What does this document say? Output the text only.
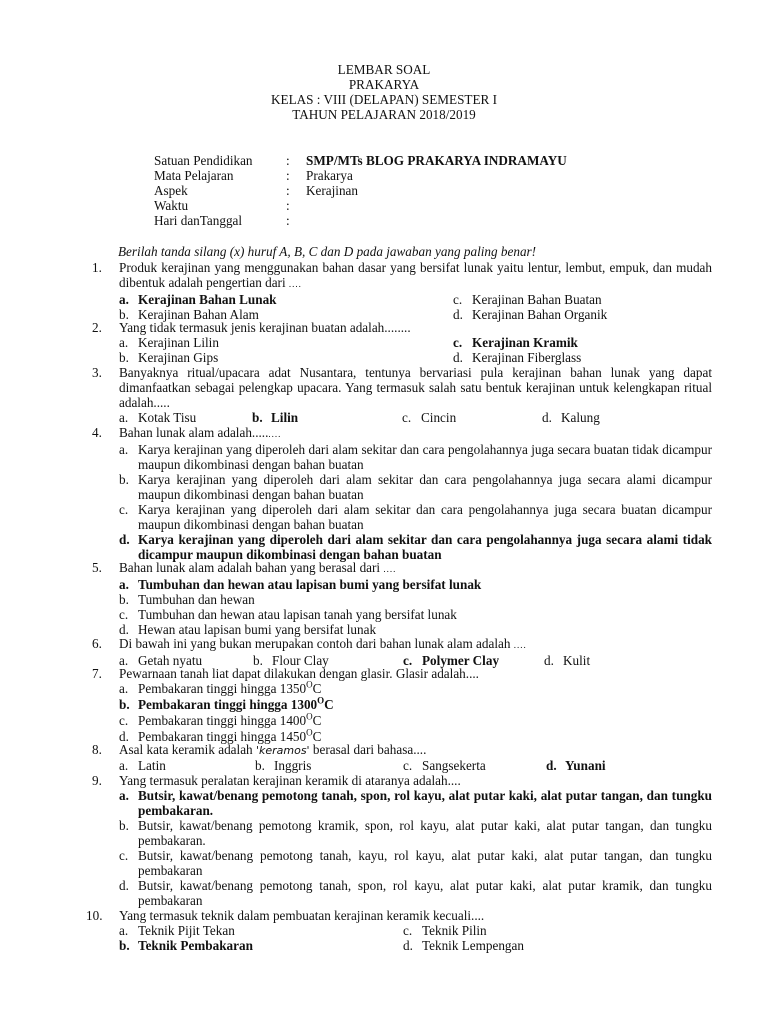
LEMBAR SOAL
PRAKARYA
KELAS : VIII (DELAPAN) SEMESTER I
TAHUN PELAJARAN 2018/2019
Satuan Pendidikan	:	SMP/MTs BLOG PRAKARYA INDRAMAYU
Mata Pelajaran	:	Prakarya
Aspek	:	Kerajinan
Waktu	:
Hari danTanggal	:
Berilah tanda silang (x) huruf A, B, C dan D pada jawaban yang paling benar!
1. Produk kerajinan yang menggunakan bahan dasar yang bersifat lunak yaitu lentur, lembut, empuk, dan mudah dibentuk adalah pengertian dari ....
a. Kerajinan Bahan Lunak	c. Kerajinan Bahan Buatan
b. Kerajinan Bahan Alam	d. Kerajinan Bahan Organik
2. Yang tidak termasuk jenis kerajinan buatan adalah........
a. Kerajinan Lilin	c. Kerajinan Kramik
b. Kerajinan Gips	d. Kerajinan Fiberglass
3. Banyaknya ritual/upacara adat Nusantara, tentunya bervariasi pula kerajinan bahan lunak yang dapat dimanfaatkan sebagai pelengkap upacara. Yang termasuk salah satu bentuk kerajinan untuk kelengkapan ritual adalah.....
a. Kotak Tisu	b. Lilin	c. Cincin	d. Kalung
4. Bahan lunak alam adalah.........
a. Karya kerajinan yang diperoleh dari alam sekitar dan cara pengolahannya juga secara buatan tidak dicampur maupun dikombinasi dengan bahan buatan
b. Karya kerajinan yang diperoleh dari alam sekitar dan cara pengolahannya juga secara alami dicampur maupun dikombinasi dengan bahan buatan
c. Karya kerajinan yang diperoleh dari alam sekitar dan cara pengolahannya juga secara buatan dicampur maupun dikombinasi dengan bahan buatan
d. Karya kerajinan yang diperoleh dari alam sekitar dan cara pengolahannya juga secara alami tidak dicampur maupun dikombinasi dengan bahan buatan
5. Bahan lunak alam adalah bahan yang berasal dari ....
a. Tumbuhan dan hewan atau lapisan bumi yang bersifat lunak
b. Tumbuhan dan hewan
c. Tumbuhan dan hewan atau lapisan tanah yang bersifat lunak
d. Hewan atau lapisan bumi yang bersifat lunak
6. Di bawah ini yang bukan merupakan contoh dari bahan lunak alam adalah ....
a. Getah nyatu	b. Flour Clay	c. Polymer Clay	d. Kulit
7. Pewarnaan tanah liat dapat dilakukan dengan glasir. Glasir adalah....
a. Pembakaran tinggi hingga $1350^OC$
b. Pembakaran tinggi hingga $1300^OC$
c. Pembakaran tinggi hingga $1400^OC$
d. Pembakaran tinggi hingga $1450^OC$
8. Asal kata keramik adalah 'keramos' berasal dari bahasa....
a. Latin	b. Inggris	c. Sangsekerta	d. Yunani
9. Yang termasuk peralatan kerajinan keramik di ataranya adalah....
a. Butsir, kawat/benang pemotong tanah, spon, rol kayu, alat putar kaki, alat putar tangan, dan tungku pembakaran.
b. Butsir, kawat/benang pemotong kramik, spon, rol kayu, alat putar kaki, alat putar tangan, dan tungku pembakaran.
c. Butsir, kawat/benang pemotong tanah, kayu, rol kayu, alat putar kaki, alat putar tangan, dan tungku pembakaran
d. Butsir, kawat/benang pemotong tanah, spon, rol kayu, alat putar kaki, alat putar kramik, dan tungku pembakaran
10. Yang termasuk teknik dalam pembuatan kerajinan keramik kecuali....
a. Teknik Pijit Tekan	c. Teknik Pilin
b. Teknik Pembakaran	d. Teknik Lempengan
